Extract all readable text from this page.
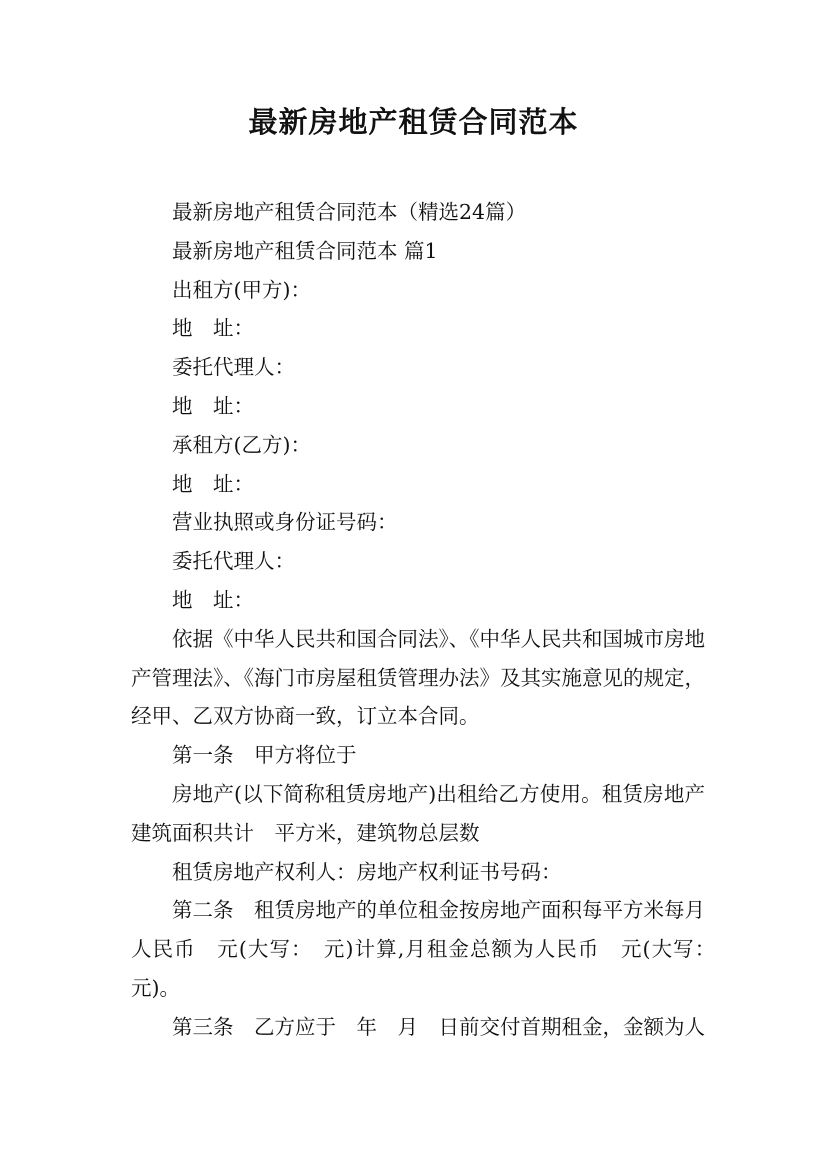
最新房地产租赁合同范本

最新房地产租赁合同范本（精选24篇）

最新房地产租赁合同范本 篇1

出租方(甲方)：

地　址：

委托代理人：

地　址：

承租方(乙方)：

地　址：

营业执照或身份证号码：

委托代理人：

地　址：

依据《中华人民共和国合同法》、《中华人民共和国城市房地产管理法》、《海门市房屋租赁管理办法》及其实施意见的规定，经甲、乙双方协商一致，订立本合同。

第一条　甲方将位于

房地产(以下简称租赁房地产)出租给乙方使用。租赁房地产建筑面积共计　平方米，建筑物总层数

租赁房地产权利人：房地产权利证书号码：

第二条　租赁房地产的单位租金按房地产面积每平方米每月人民币　元(大写：　元)计算,月租金总额为人民币　元(大写：　元)。

第三条　乙方应于　年　月　日前交付首期租金，金额为人
